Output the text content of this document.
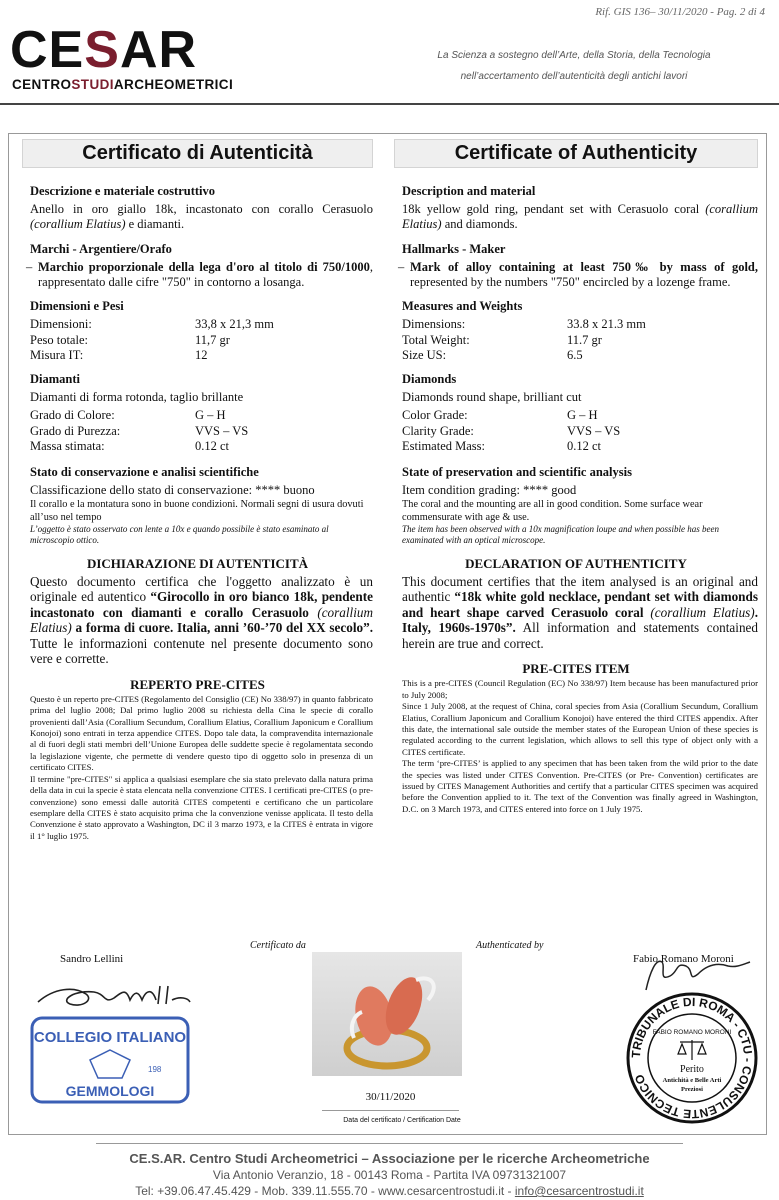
Rif. GIS 136– 30/11/2020 - Pag. 2 di 4
CESAR
CENTROSTUDIARCHEOMETRICI
La Scienza a sostegno dell’Arte, della Storia, della Tecnologia
nell’accertamento dell’autenticità degli antichi lavori
Certificato di Autenticità
Descrizione e materiale costruttivo
Anello in oro giallo 18k, incastonato con corallo Cerasuolo (corallium Elatius) e diamanti.
Marchi - Argentiere/Orafo
– Marchio proporzionale della lega d'oro al titolo di 750/1000, rappresentato dalle cifre "750" in contorno a losanga.
Dimensioni e Pesi
Dimensioni:	33,8 x 21,3 mm
Peso totale:	11,7 gr
Misura IT:	12
Diamanti
Diamanti di forma rotonda, taglio brillante
Grado di Colore:	G – H
Grado di Purezza:	VVS – VS
Massa stimata:	0.12 ct
Stato di conservazione e analisi scientifiche
Classificazione dello stato di conservazione: **** buono
Il corallo e la montatura sono in buone condizioni. Normali segni di usura dovuti all’uso nel tempo
L’oggetto è stato osservato con lente a 10x e quando possibile è stato esaminato al microscopio ottico.
DICHIARAZIONE DI AUTENTICITÀ
Questo documento certifica che l'oggetto analizzato è un originale ed autentico “Girocollo in oro bianco 18k, pendente incastonato con diamanti e corallo Cerasuolo (corallium Elatius) a forma di cuore. Italia, anni ’60-’70 del XX secolo”. Tutte le informazioni contenute nel presente documento sono vere e corrette.
REPERTO PRE-CITES
Questo è un reperto pre-CITES (Regolamento del Consiglio (CE) No 338/97) in quanto fabbricato prima del luglio 2008; Dal primo luglio 2008 su richiesta della Cina le specie di corallo provenienti dall’Asia (Corallium Secundum, Corallium Elatius, Corallium Japonicum e Corallium Konojoi) sono entrati in terza appendice CITES. Dopo tale data, la compravendita internazionale al di fuori degli stati membri dell’Unione Europea delle suddette specie è regolamentata secondo la legislazione vigente, che permette di vendere questo tipo di oggetto solo in presenza di un certificato CITES.
Il termine "pre-CITES" si applica a qualsiasi esemplare che sia stato prelevato dalla natura prima della data in cui la specie è stata elencata nella convenzione CITES. I certificati pre-CITES (o pre-convenzione) sono emessi dalle autorità CITES competenti e certificano che un particolare esemplare della CITES è stato acquisito prima che la convenzione venisse applicata. Il testo della Convenzione è stato approvato a Washington, DC il 3 marzo 1973, e la CITES è entrata in vigore il 1° luglio 1975.
Certificate of Authenticity
Description and material
18k yellow gold ring, pendant set with Cerasuolo coral (corallium Elatius) and diamonds.
Hallmarks - Maker
– Mark of alloy containing at least 750‰ by mass of gold, represented by the numbers "750" encircled by a lozenge frame.
Measures and Weights
Dimensions:	33.8 x 21.3 mm
Total Weight:	11.7 gr
Size US:	6.5
Diamonds
Diamonds round shape, brilliant cut
Color Grade:	G – H
Clarity Grade:	VVS – VS
Estimated Mass:	0.12 ct
State of preservation and scientific analysis
Item condition grading: **** good
The coral and the mounting are all in good condition. Some surface wear commensurate with age & use.
The item has been observed with a 10x magnification loupe and when possible has been examinated with an optical microscope.
DECLARATION OF AUTHENTICITY
This document certifies that the item analysed is an original and authentic “18k white gold necklace, pendant set with diamonds and heart shape carved Cerasuolo coral (corallium Elatius). Italy, 1960s-1970s”. All information and statements contained herein are true and correct.
PRE-CITES ITEM
This is a pre-CITES (Council Regulation (EC) No 338/97) Item because has been manufactured prior to July 2008;
Since 1 July 2008, at the request of China, coral species from Asia (Corallium Secundum, Corallium Elatius, Corallium Japonicum and Corallium Konojoi) have entered the third CITES appendix. After this date, the international sale outside the member states of the European Union of these species is regulated according to the current legislation, which allows to sell this type of object only with a CITES certificate.
The term ‘pre-CITES’ is applied to any specimen that has been taken from the wild prior to the date the species was listed under CITES Convention. Pre-CITES (or Pre- Convention) certificates are issued by CITES Management Authorities and certify that a particular CITES specimen was acquired before the Convention applied to it. The text of the Convention was finally agreed in Washington, D.C. on 3 March 1973, and CITES entered into force on 1 July 1975.
Certificato da	Authenticated by
Sandro Lellini	Fabio Romano Moroni
COLLEGIO ITALIANO
198
GEMMOLOGI	30/11/2020
Data del certificato / Certification Date
TRIBUNALE DI ROMA - CTU - CONSULENTE TECNICO
FABIO ROMANO MORONI
Perito
Antichità e Belle Arti
Preziosi
CE.S.AR. Centro Studi Archeometrici – Associazione per le ricerche Archeometriche
Via Antonio Veranzio, 18 - 00143 Roma - Partita IVA 09731321007
Tel: +39.06.47.45.429 - Mob. 339.11.555.70 - www.cesarcentrostudi.it - info@cesarcentrostudi.it
